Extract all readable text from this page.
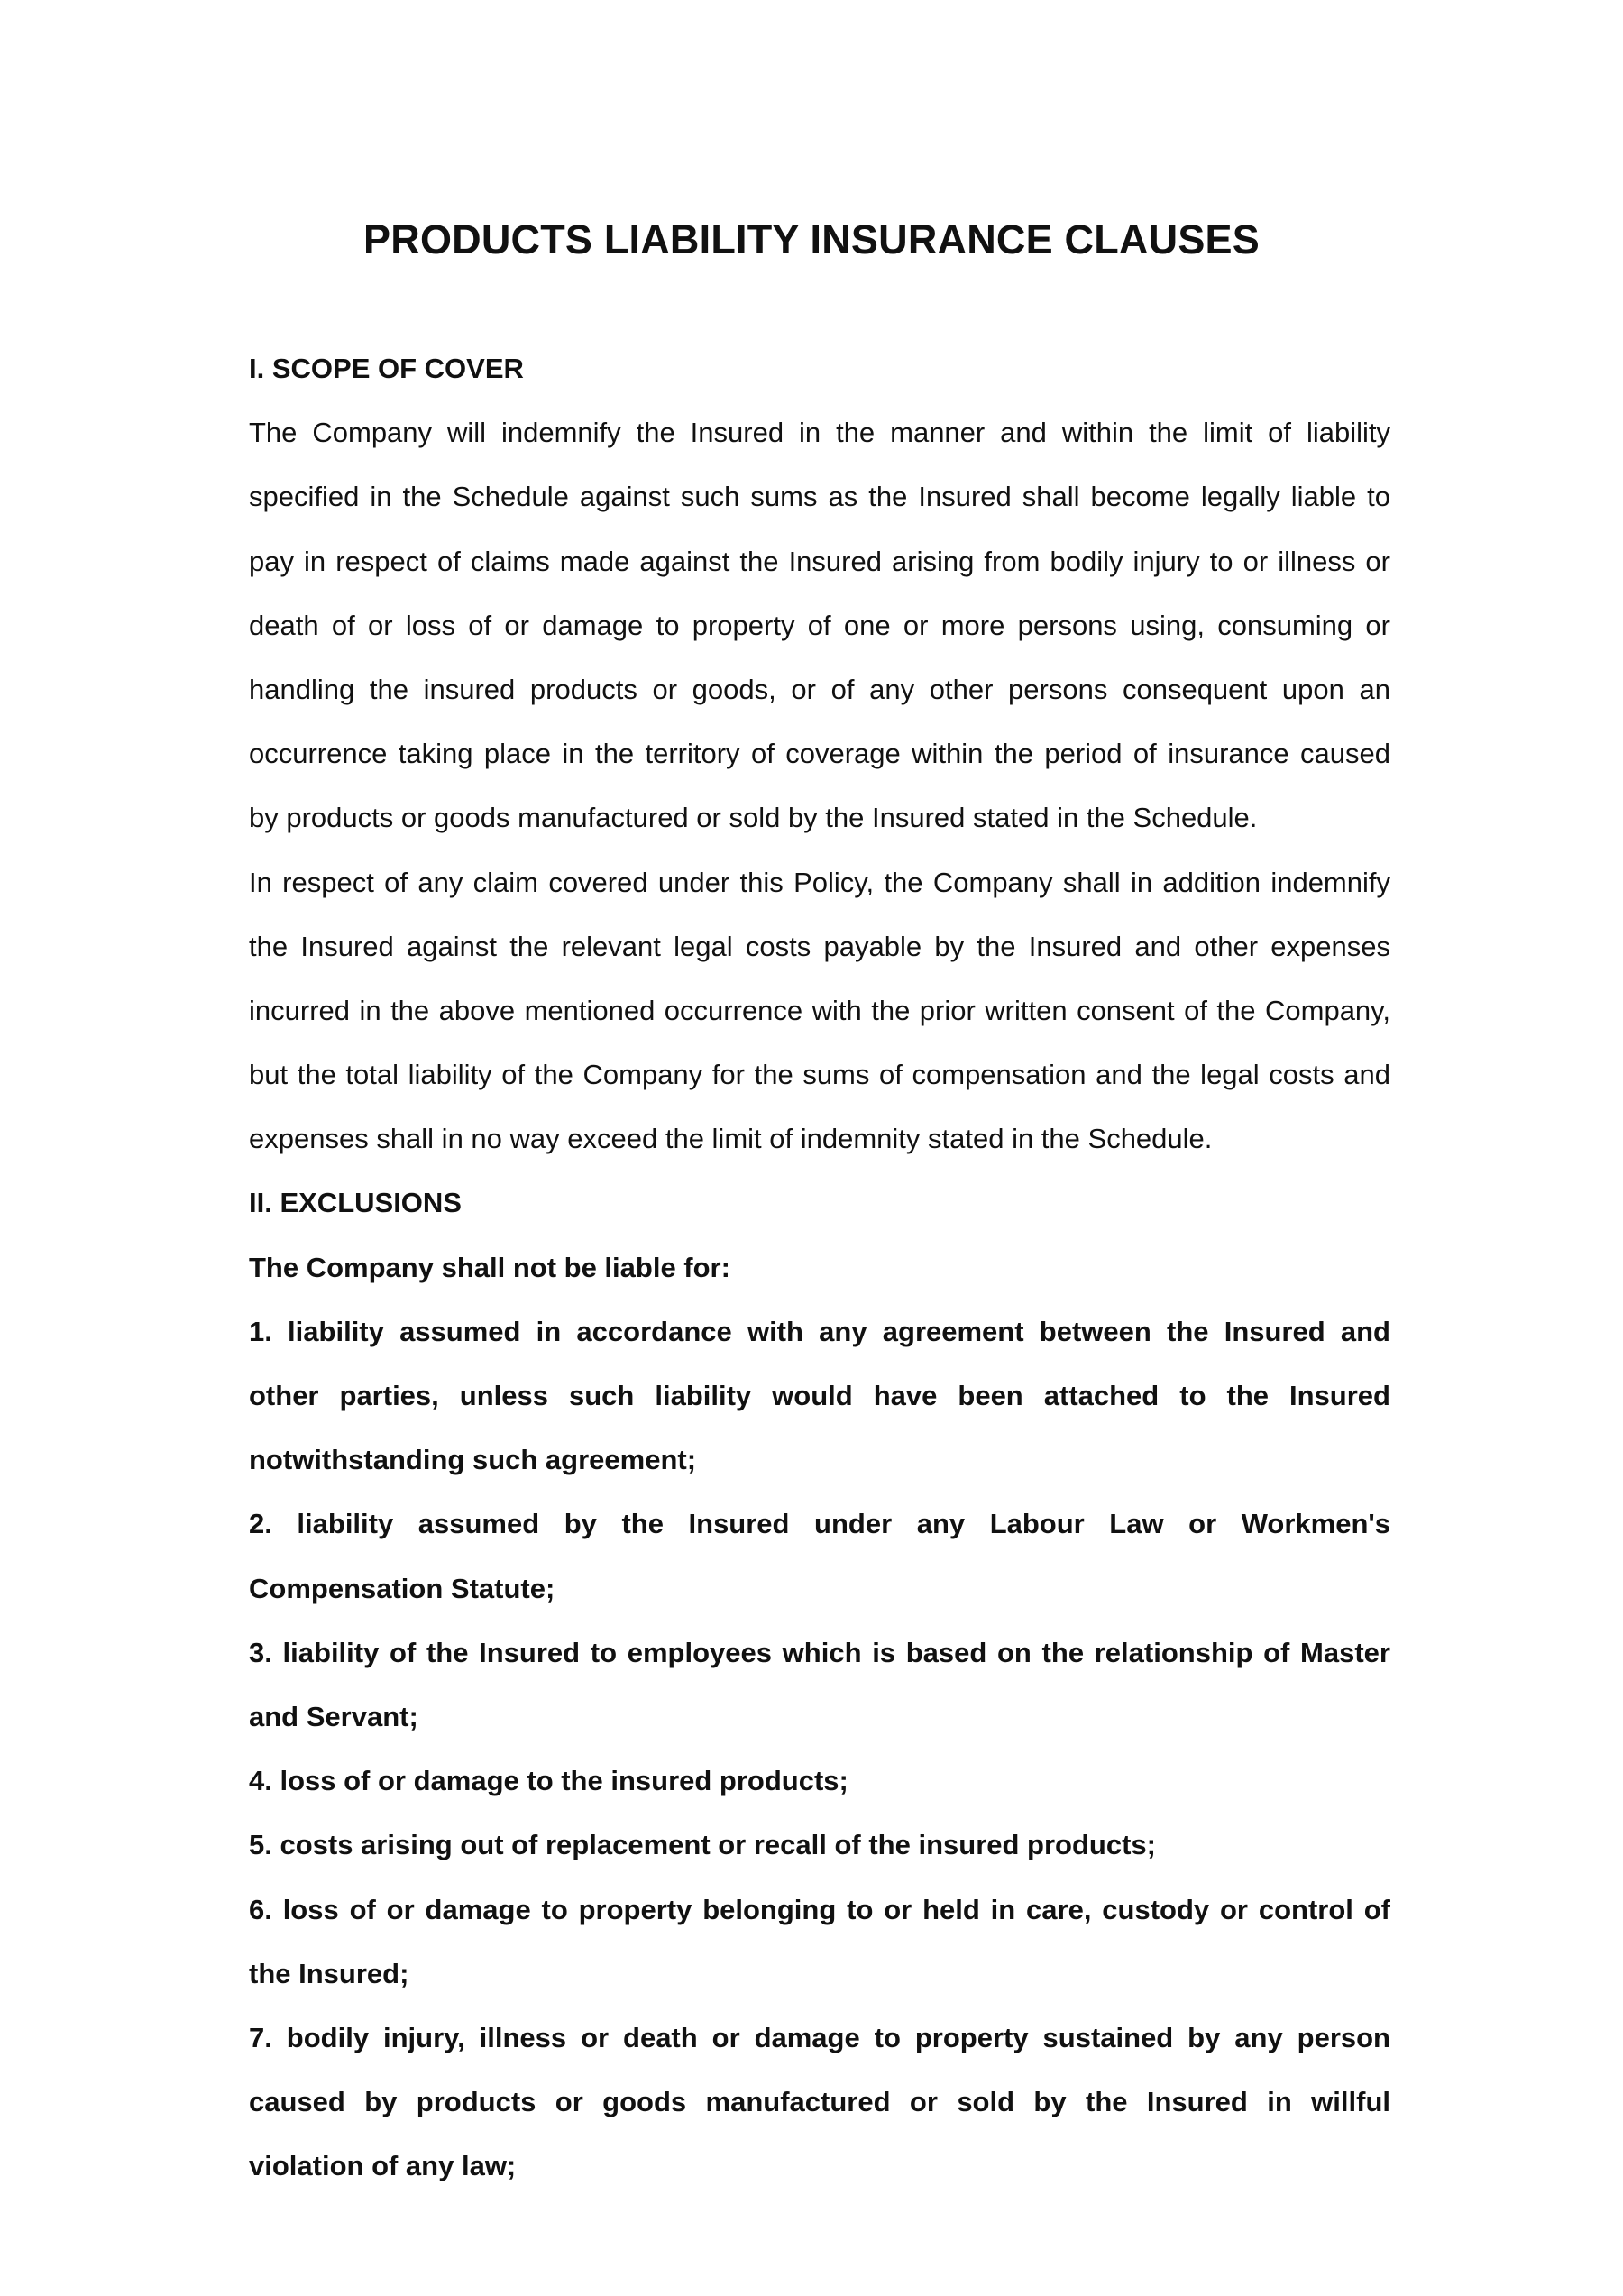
PRODUCTS LIABILITY INSURANCE CLAUSES
I. SCOPE OF COVER
The Company will indemnify the Insured in the manner and within the limit of liability
specified in the Schedule against such sums as the Insured shall become legally liable to
pay in respect of claims made against the Insured arising from bodily injury to or illness or
death of or loss of or damage to property of one or more persons using, consuming or
handling the insured products or goods, or of any other persons consequent upon an
occurrence taking place in the territory of coverage within the period of insurance caused
by products or goods manufactured or sold by the Insured stated in the Schedule.
In respect of any claim covered under this Policy, the Company shall in addition indemnify
the Insured against the relevant legal costs payable by the Insured and other expenses
incurred in the above mentioned occurrence with the prior written consent of the Company,
but the total liability of the Company for the sums of compensation and the legal costs and
expenses shall in no way exceed the limit of indemnity stated in the Schedule.
II. EXCLUSIONS
The Company shall not be liable for:
1. liability assumed in accordance with any agreement between the Insured and
other parties, unless such liability would have been attached to the Insured
notwithstanding such agreement;
2. liability assumed by the Insured under any Labour Law or Workmen's
Compensation Statute;
3. liability of the Insured to employees which is based on the relationship of Master
and Servant;
4. loss of or damage to the insured products;
5. costs arising out of replacement or recall of the insured products;
6. loss of or damage to property belonging to or held in care, custody or control of
the Insured;
7. bodily injury, illness or death or damage to property sustained by any person
caused by products or goods manufactured or sold by the Insured in willful
violation of any law;
